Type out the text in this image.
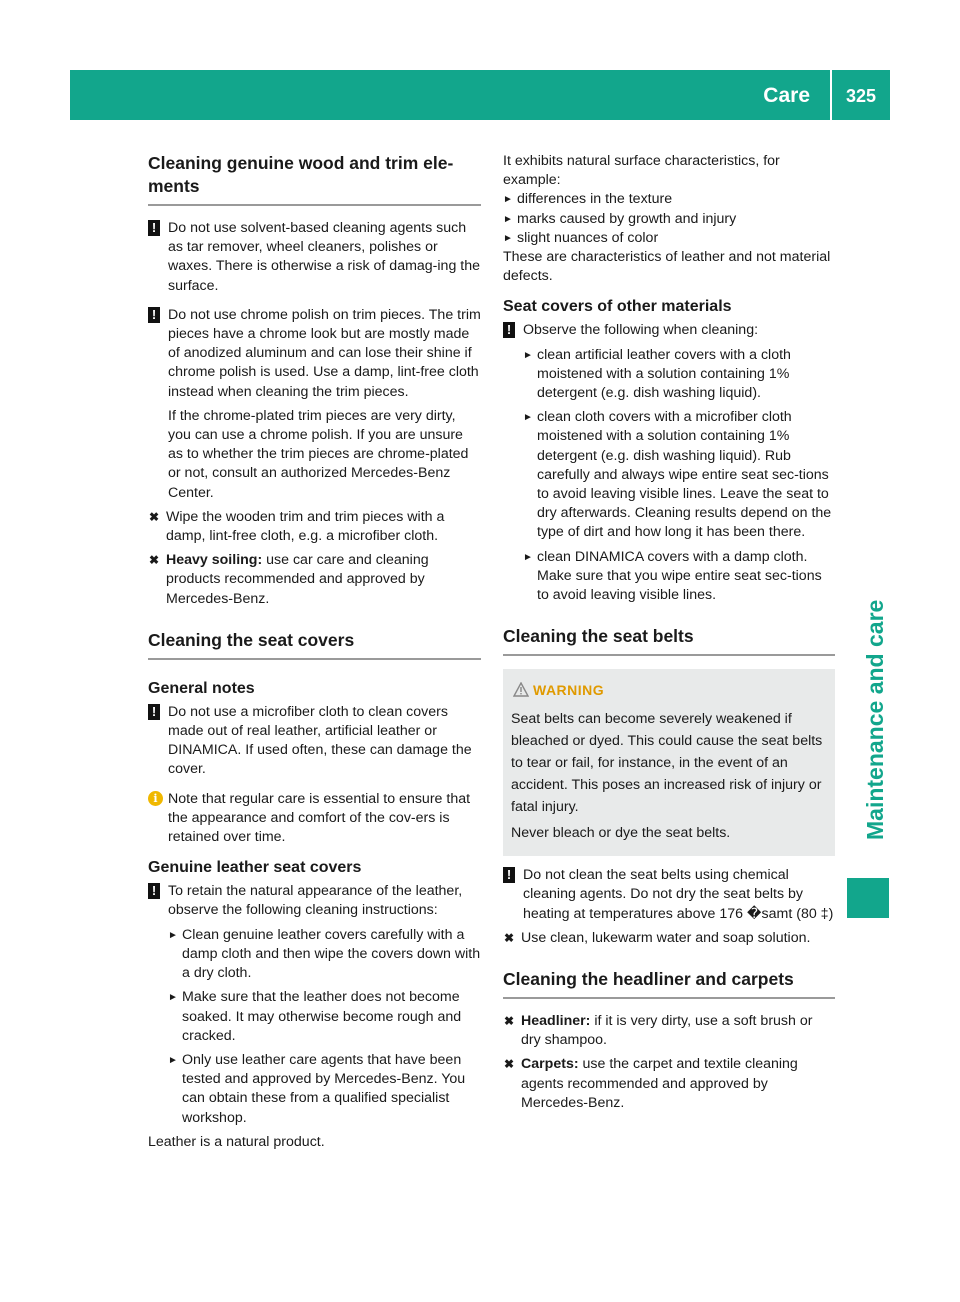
Care	325
Maintenance and care
Cleaning genuine wood and trim ele-
ments
! Do not use solvent-based cleaning agents such as tar remover, wheel cleaners, polishes or waxes. There is otherwise a risk of damag-ing the surface.
! Do not use chrome polish on trim pieces. The trim pieces have a chrome look but are mostly made of anodized aluminum and can lose their shine if chrome polish is used. Use a damp, lint-free cloth instead when cleaning the trim pieces.
If the chrome-plated trim pieces are very dirty, you can use a chrome polish. If you are unsure as to whether the trim pieces are chrome-plated or not, consult an authorized Mercedes-Benz Center.
✖ Wipe the wooden trim and trim pieces with a damp, lint-free cloth, e.g. a microfiber cloth.
✖ Heavy soiling: use car care and cleaning products recommended and approved by Mercedes-Benz.
Cleaning the seat covers
General notes
! Do not use a microfiber cloth to clean covers made out of real leather, artificial leather or DINAMICA. If used often, these can damage the cover.
i Note that regular care is essential to ensure that the appearance and comfort of the cov-ers is retained over time.
Genuine leather seat covers
! To retain the natural appearance of the leather, observe the following cleaning instructions:
► Clean genuine leather covers carefully with a damp cloth and then wipe the covers down with a dry cloth.
► Make sure that the leather does not become soaked. It may otherwise become rough and cracked.
► Only use leather care agents that have been tested and approved by Mercedes-Benz. You can obtain these from a qualified specialist workshop.
Leather is a natural product.
It exhibits natural surface characteristics, for example:
► differences in the texture
► marks caused by growth and injury
► slight nuances of color
These are characteristics of leather and not material defects.
Seat covers of other materials
! Observe the following when cleaning:
► clean artificial leather covers with a cloth moistened with a solution containing 1% detergent (e.g. dish washing liquid).
► clean cloth covers with a microfiber cloth moistened with a solution containing 1% detergent (e.g. dish washing liquid). Rub carefully and always wipe entire seat sec-tions to avoid leaving visible lines. Leave the seat to dry afterwards. Cleaning results depend on the type of dirt and how long it has been there.
► clean DINAMICA covers with a damp cloth. Make sure that you wipe entire seat sec-tions to avoid leaving visible lines.
Cleaning the seat belts
WARNING
Seat belts can become severely weakened if bleached or dyed. This could cause the seat belts to tear or fail, for instance, in the event of an accident. This poses an increased risk of injury or fatal injury.
Never bleach or dye the seat belts.
! Do not clean the seat belts using chemical cleaning agents. Do not dry the seat belts by heating at temperatures above 176 �samt (80 ‡)
✖ Use clean, lukewarm water and soap solution.
Cleaning the headliner and carpets
✖ Headliner: if it is very dirty, use a soft brush or dry shampoo.
✖ Carpets: use the carpet and textile cleaning agents recommended and approved by Mercedes-Benz.
